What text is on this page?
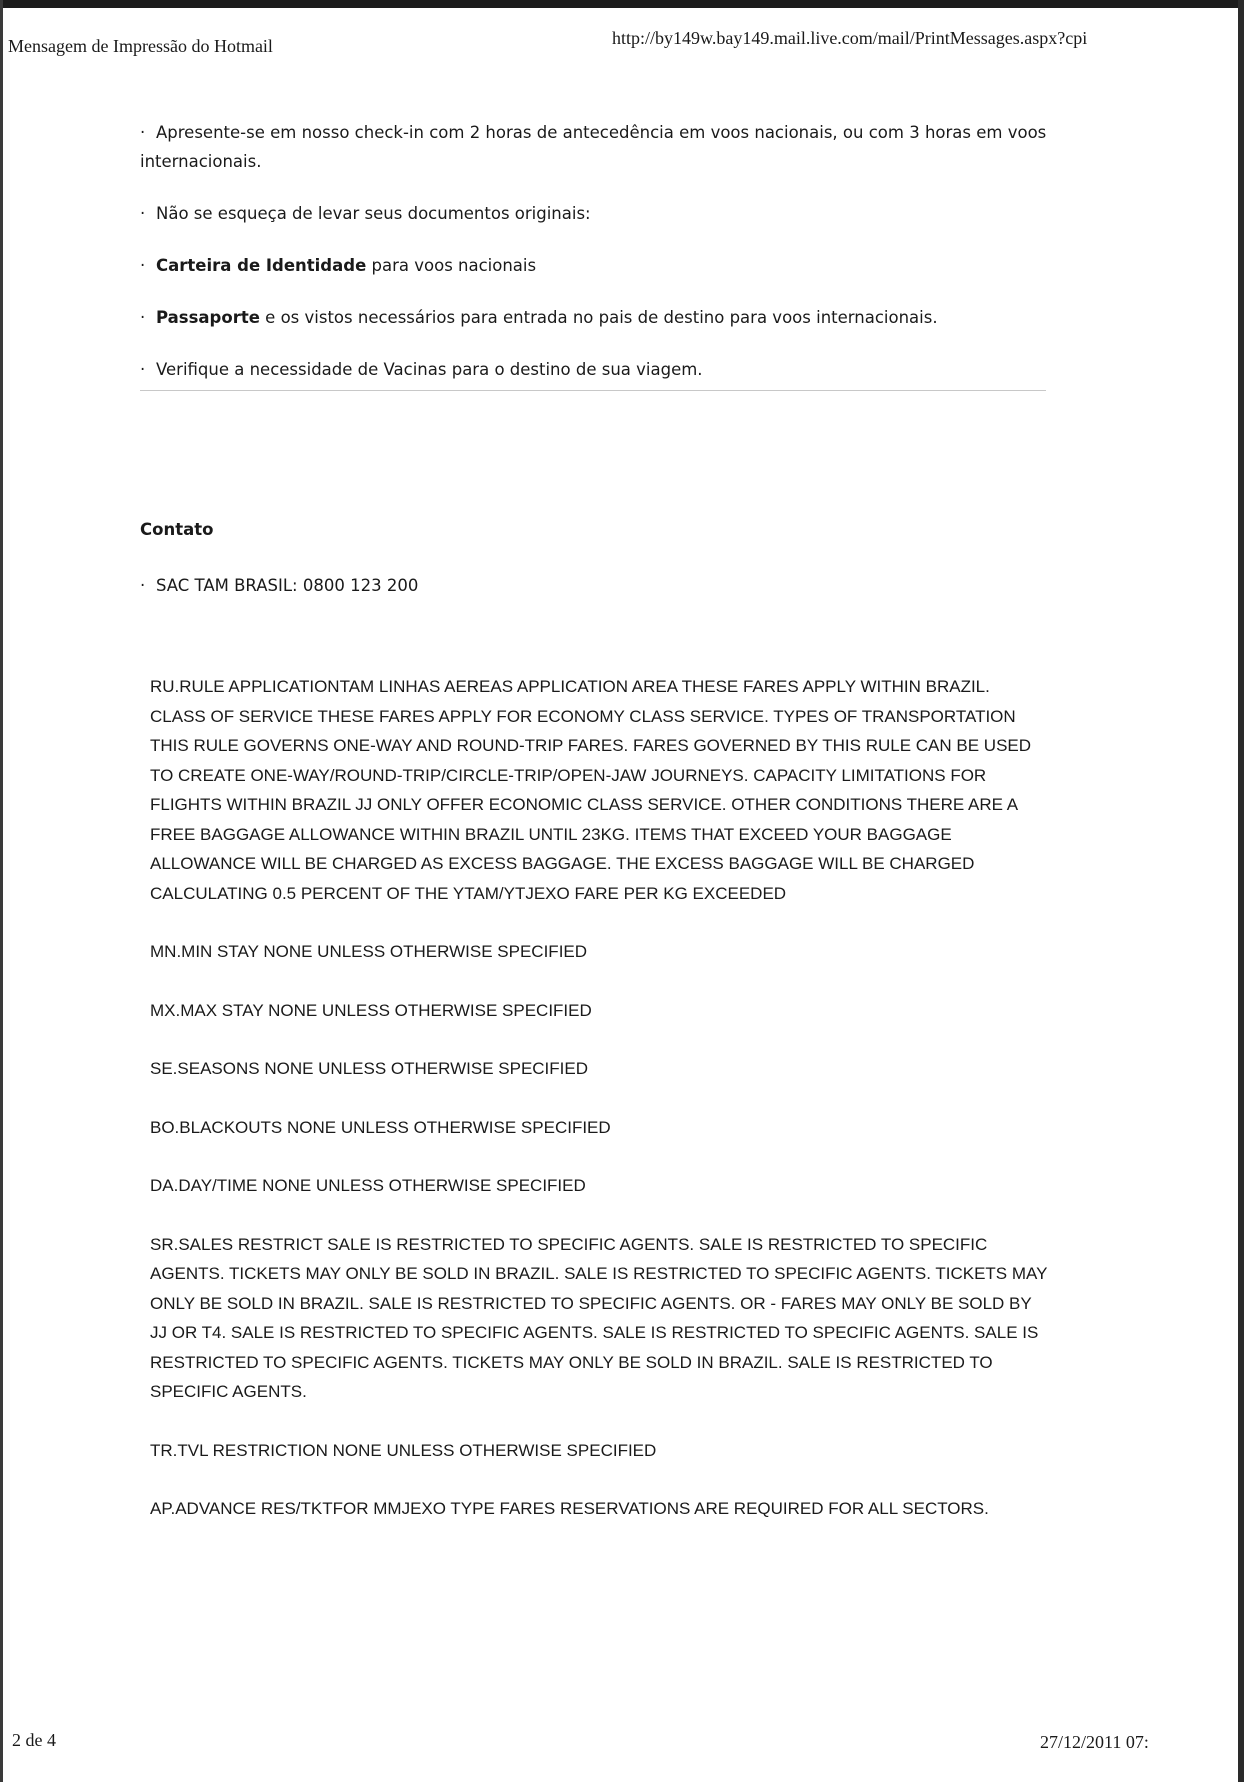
Mensagem de Impressão do Hotmail	http://by149w.bay149.mail.live.com/mail/PrintMessages.aspx?cpi
· Apresente-se em nosso check-in com 2 horas de antecedência em voos nacionais, ou com 3 horas em voos internacionais.
· Não se esqueça de levar seus documentos originais:
· Carteira de Identidade para voos nacionais
· Passaporte e os vistos necessários para entrada no pais de destino para voos internacionais.
· Verifique a necessidade de Vacinas para o destino de sua viagem.
Contato
· SAC TAM BRASIL: 0800 123 200
RU.RULE APPLICATIONTAM LINHAS AEREAS APPLICATION AREA THESE FARES APPLY WITHIN BRAZIL. CLASS OF SERVICE THESE FARES APPLY FOR ECONOMY CLASS SERVICE. TYPES OF TRANSPORTATION THIS RULE GOVERNS ONE-WAY AND ROUND-TRIP FARES. FARES GOVERNED BY THIS RULE CAN BE USED TO CREATE ONE-WAY/ROUND-TRIP/CIRCLE-TRIP/OPEN-JAW JOURNEYS. CAPACITY LIMITATIONS FOR FLIGHTS WITHIN BRAZIL JJ ONLY OFFER ECONOMIC CLASS SERVICE. OTHER CONDITIONS THERE ARE A FREE BAGGAGE ALLOWANCE WITHIN BRAZIL UNTIL 23KG. ITEMS THAT EXCEED YOUR BAGGAGE ALLOWANCE WILL BE CHARGED AS EXCESS BAGGAGE. THE EXCESS BAGGAGE WILL BE CHARGED CALCULATING 0.5 PERCENT OF THE YTAM/YTJEXO FARE PER KG EXCEEDED
MN.MIN STAY NONE UNLESS OTHERWISE SPECIFIED
MX.MAX STAY NONE UNLESS OTHERWISE SPECIFIED
SE.SEASONS NONE UNLESS OTHERWISE SPECIFIED
BO.BLACKOUTS NONE UNLESS OTHERWISE SPECIFIED
DA.DAY/TIME NONE UNLESS OTHERWISE SPECIFIED
SR.SALES RESTRICT SALE IS RESTRICTED TO SPECIFIC AGENTS. SALE IS RESTRICTED TO SPECIFIC AGENTS. TICKETS MAY ONLY BE SOLD IN BRAZIL. SALE IS RESTRICTED TO SPECIFIC AGENTS. TICKETS MAY ONLY BE SOLD IN BRAZIL. SALE IS RESTRICTED TO SPECIFIC AGENTS. OR - FARES MAY ONLY BE SOLD BY JJ OR T4. SALE IS RESTRICTED TO SPECIFIC AGENTS. SALE IS RESTRICTED TO SPECIFIC AGENTS. SALE IS RESTRICTED TO SPECIFIC AGENTS. TICKETS MAY ONLY BE SOLD IN BRAZIL. SALE IS RESTRICTED TO SPECIFIC AGENTS.
TR.TVL RESTRICTION NONE UNLESS OTHERWISE SPECIFIED
AP.ADVANCE RES/TKTFOR MMJEXO TYPE FARES RESERVATIONS ARE REQUIRED FOR ALL SECTORS.
2 de 4	27/12/2011 07:
